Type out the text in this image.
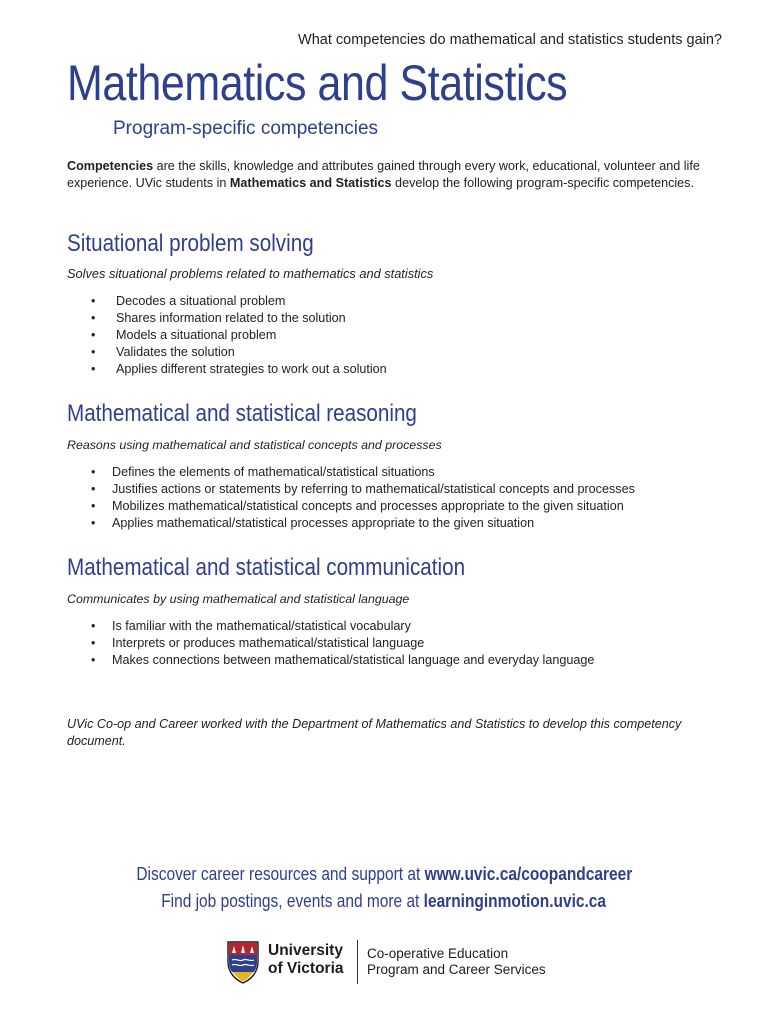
What competencies do mathematical and statistics students gain?
Mathematics and Statistics
Program-specific competencies
Competencies are the skills, knowledge and attributes gained through every work, educational, volunteer and life experience. UVic students in Mathematics and Statistics develop the following program-specific competencies.
Situational problem solving
Solves situational problems related to mathematics and statistics
• Decodes a situational problem
• Shares information related to the solution
• Models a situational problem
• Validates the solution
• Applies different strategies to work out a solution
Mathematical and statistical reasoning
Reasons using mathematical and statistical concepts and processes
• Defines the elements of mathematical/statistical situations
• Justifies actions or statements by referring to mathematical/statistical concepts and processes
• Mobilizes mathematical/statistical concepts and processes appropriate to the given situation
• Applies mathematical/statistical processes appropriate to the given situation
Mathematical and statistical communication
Communicates by using mathematical and statistical language
• Is familiar with the mathematical/statistical vocabulary
• Interprets or produces mathematical/statistical language
• Makes connections between mathematical/statistical language and everyday language
UVic Co-op and Career worked with the Department of Mathematics and Statistics to develop this competency document.
Discover career resources and support at www.uvic.ca/coopandcareer
Find job postings, events and more at learninginmotion.uvic.ca
University
of Victoria
Co-operative Education
Program and Career Services
